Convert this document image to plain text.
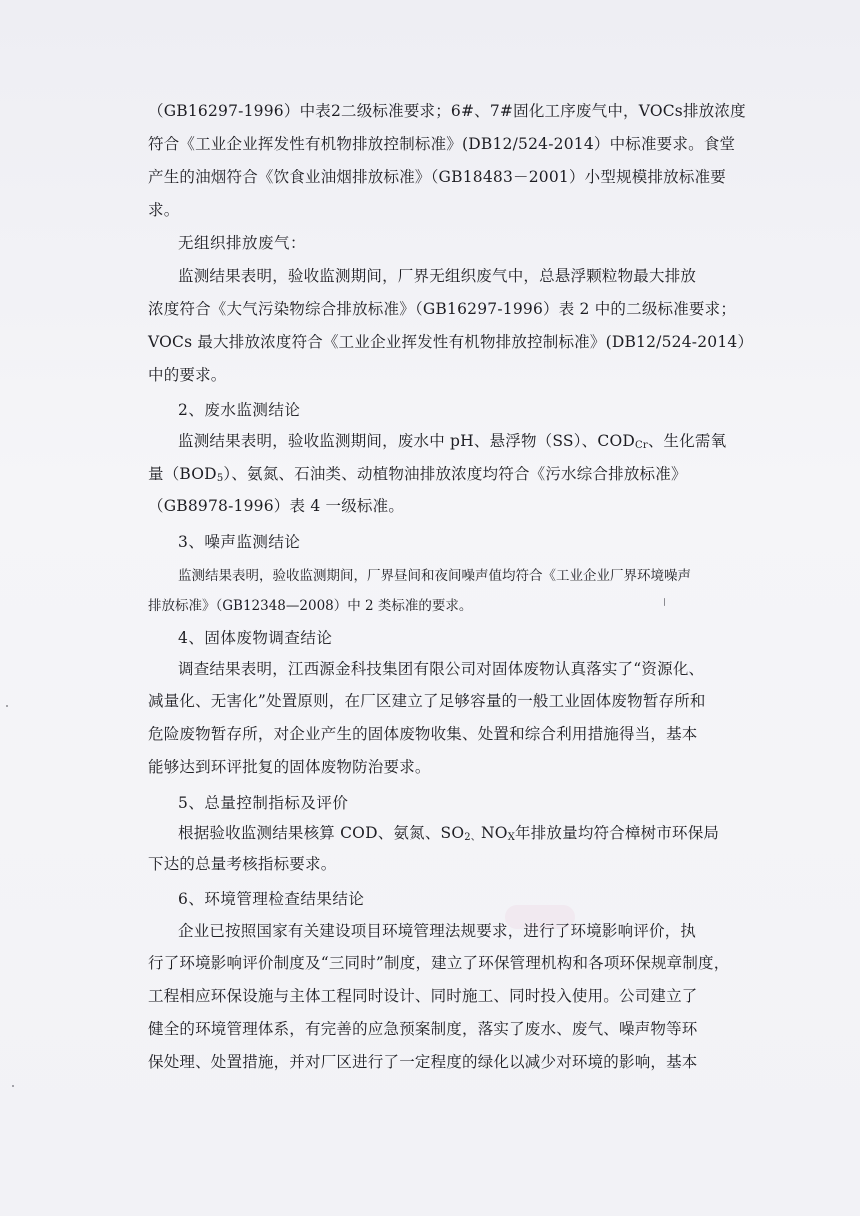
（GB16297-1996）中表2二级标准要求；6#、7#固化工序废气中，VOCs排放浓度
符合《工业企业挥发性有机物排放控制标准》(DB12/524-2014）中标准要求。食堂
产生的油烟符合《饮食业油烟排放标准》（GB18483－2001）小型规模排放标准要
求。
无组织排放废气：
监测结果表明，验收监测期间，厂界无组织废气中，总悬浮颗粒物最大排放
浓度符合《大气污染物综合排放标准》（GB16297-1996）表 2 中的二级标准要求；
VOCs 最大排放浓度符合《工业企业挥发性有机物排放控制标准》(DB12/524-2014）
中的要求。
2、废水监测结论
监测结果表明，验收监测期间，废水中 pH、悬浮物（SS）、$COD_{Cr}$、生化需氧
量$(BOD_5)$、氨氮、石油类、动植物油排放浓度均符合《污水综合排放标准》
（GB8978-1996）表 4 一级标准。
3、噪声监测结论
监测结果表明，验收监测期间，厂界昼间和夜间噪声值均符合《工业企业厂界环境噪声
排放标准》（GB12348—2008）中 2 类标准的要求。
4、固体废物调查结论
调查结果表明，江西源金科技集团有限公司对固体废物认真落实了“资源化、
减量化、无害化”处置原则，在厂区建立了足够容量的一般工业固体废物暂存所和
危险废物暂存所，对企业产生的固体废物收集、处置和综合利用措施得当，基本
能够达到环评批复的固体废物防治要求。
5、总量控制指标及评价
根据验收监测结果核算 COD、氨氮、$SO_{2、}NO_X$年排放量均符合樟树市环保局
下达的总量考核指标要求。
6、环境管理检查结果结论
企业已按照国家有关建设项目环境管理法规要求，进行了环境影响评价，执
行了环境影响评价制度及“三同时”制度，建立了环保管理机构和各项环保规章制度，
工程相应环保设施与主体工程同时设计、同时施工、同时投入使用。公司建立了
健全的环境管理体系，有完善的应急预案制度，落实了废水、废气、噪声物等环
保处理、处置措施，并对厂区进行了一定程度的绿化以减少对环境的影响，基本
